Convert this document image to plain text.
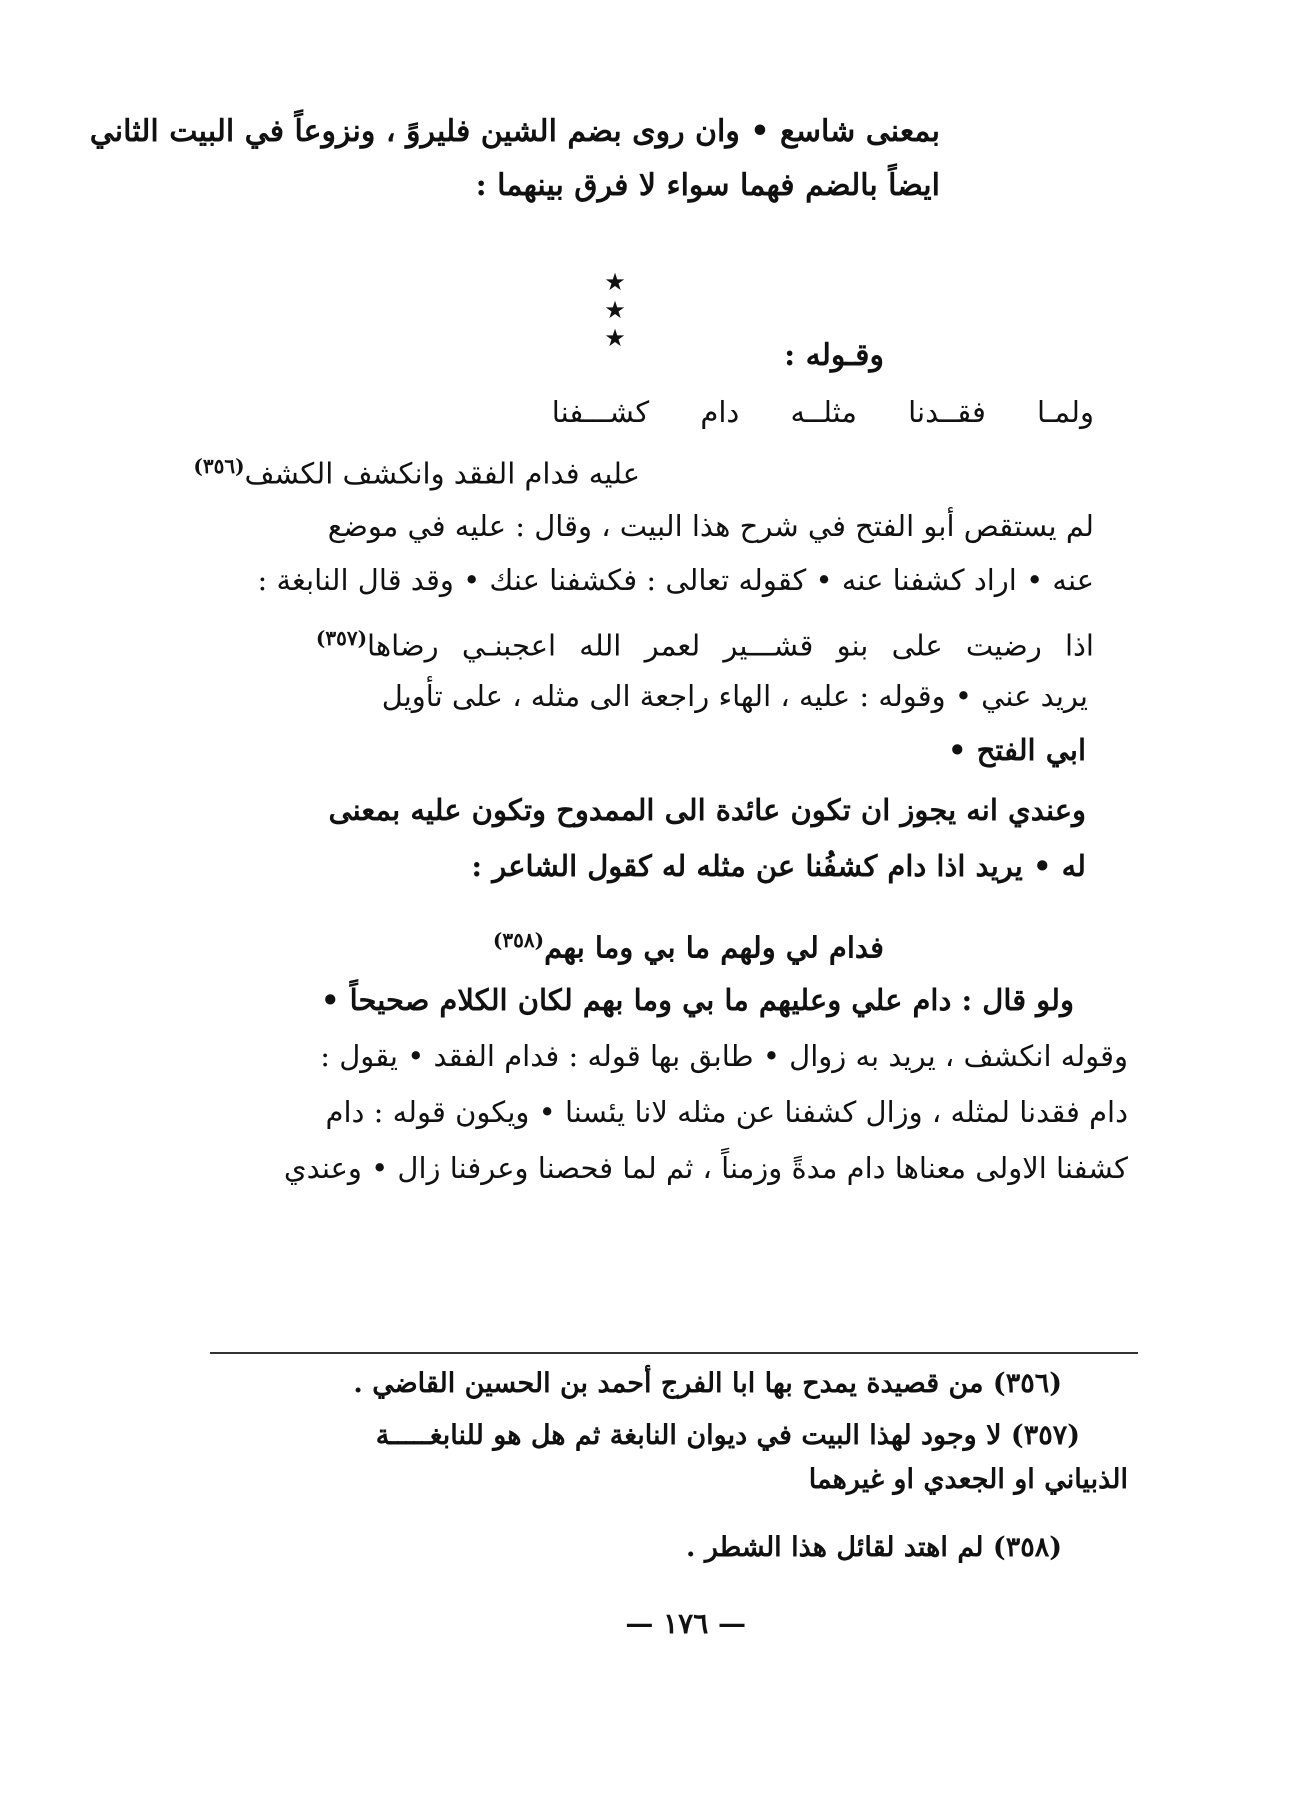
بمعنى شاسع • وان روى بضم الشين فليروً ، ونزوعاً في البيت الثاني
ايضاً بالضم فهما سواء لا فرق بينهما :
★ ★ ★	وقـوله :
ولمـا فقــدنا مثلــه دام كشـــفنا
عليه فدام الفقد وانكشف الكشف$^{(٣٥٦)}$
لم يستقص أبو الفتح في شرح هذا البيت ، وقال : عليه في موضع
عنه • اراد كشفنا عنه • كقوله تعالى : فكشفنا عنك • وقد قال النابغة :
اذا رضيت على بنو قشـــير لعمر الله اعجبنـي رضاها$^{(٣٥٧)}$
يريد عني • وقوله : عليه ، الهاء راجعة الى مثله ، على تأويل
ابي الفتح •
وعندي انه يجوز ان تكون عائدة الى الممدوح وتكون عليه بمعنى
له • يريد اذا دام كشفُنا عن مثله له كقول الشاعر :
فدام لي ولهم ما بي وما بهم$^{(٣٥٨)}$
ولو قال : دام علي وعليهم ما بي وما بهم لكان الكلام صحيحاً •
وقوله انكشف ، يريد به زوال • طابق بها قوله : فدام الفقد • يقول :
دام فقدنا لمثله ، وزال كشفنا عن مثله لانا يئسنا • ويكون قوله : دام
كشفنا الاولى معناها دام مدةً وزمناً ، ثم لما فحصنا وعرفنا زال • وعندي
(٣٥٦) من قصيدة يمدح بها ابا الفرج أحمد بن الحسين القاضي .
(٣٥٧) لا وجود لهذا البيت في ديوان النابغة ثم هل هو للنابغـــــة
الذبياني او الجعدي او غيرهما
(٣٥٨) لم اهتد لقائل هذا الشطر .
— ١٧٦ —
